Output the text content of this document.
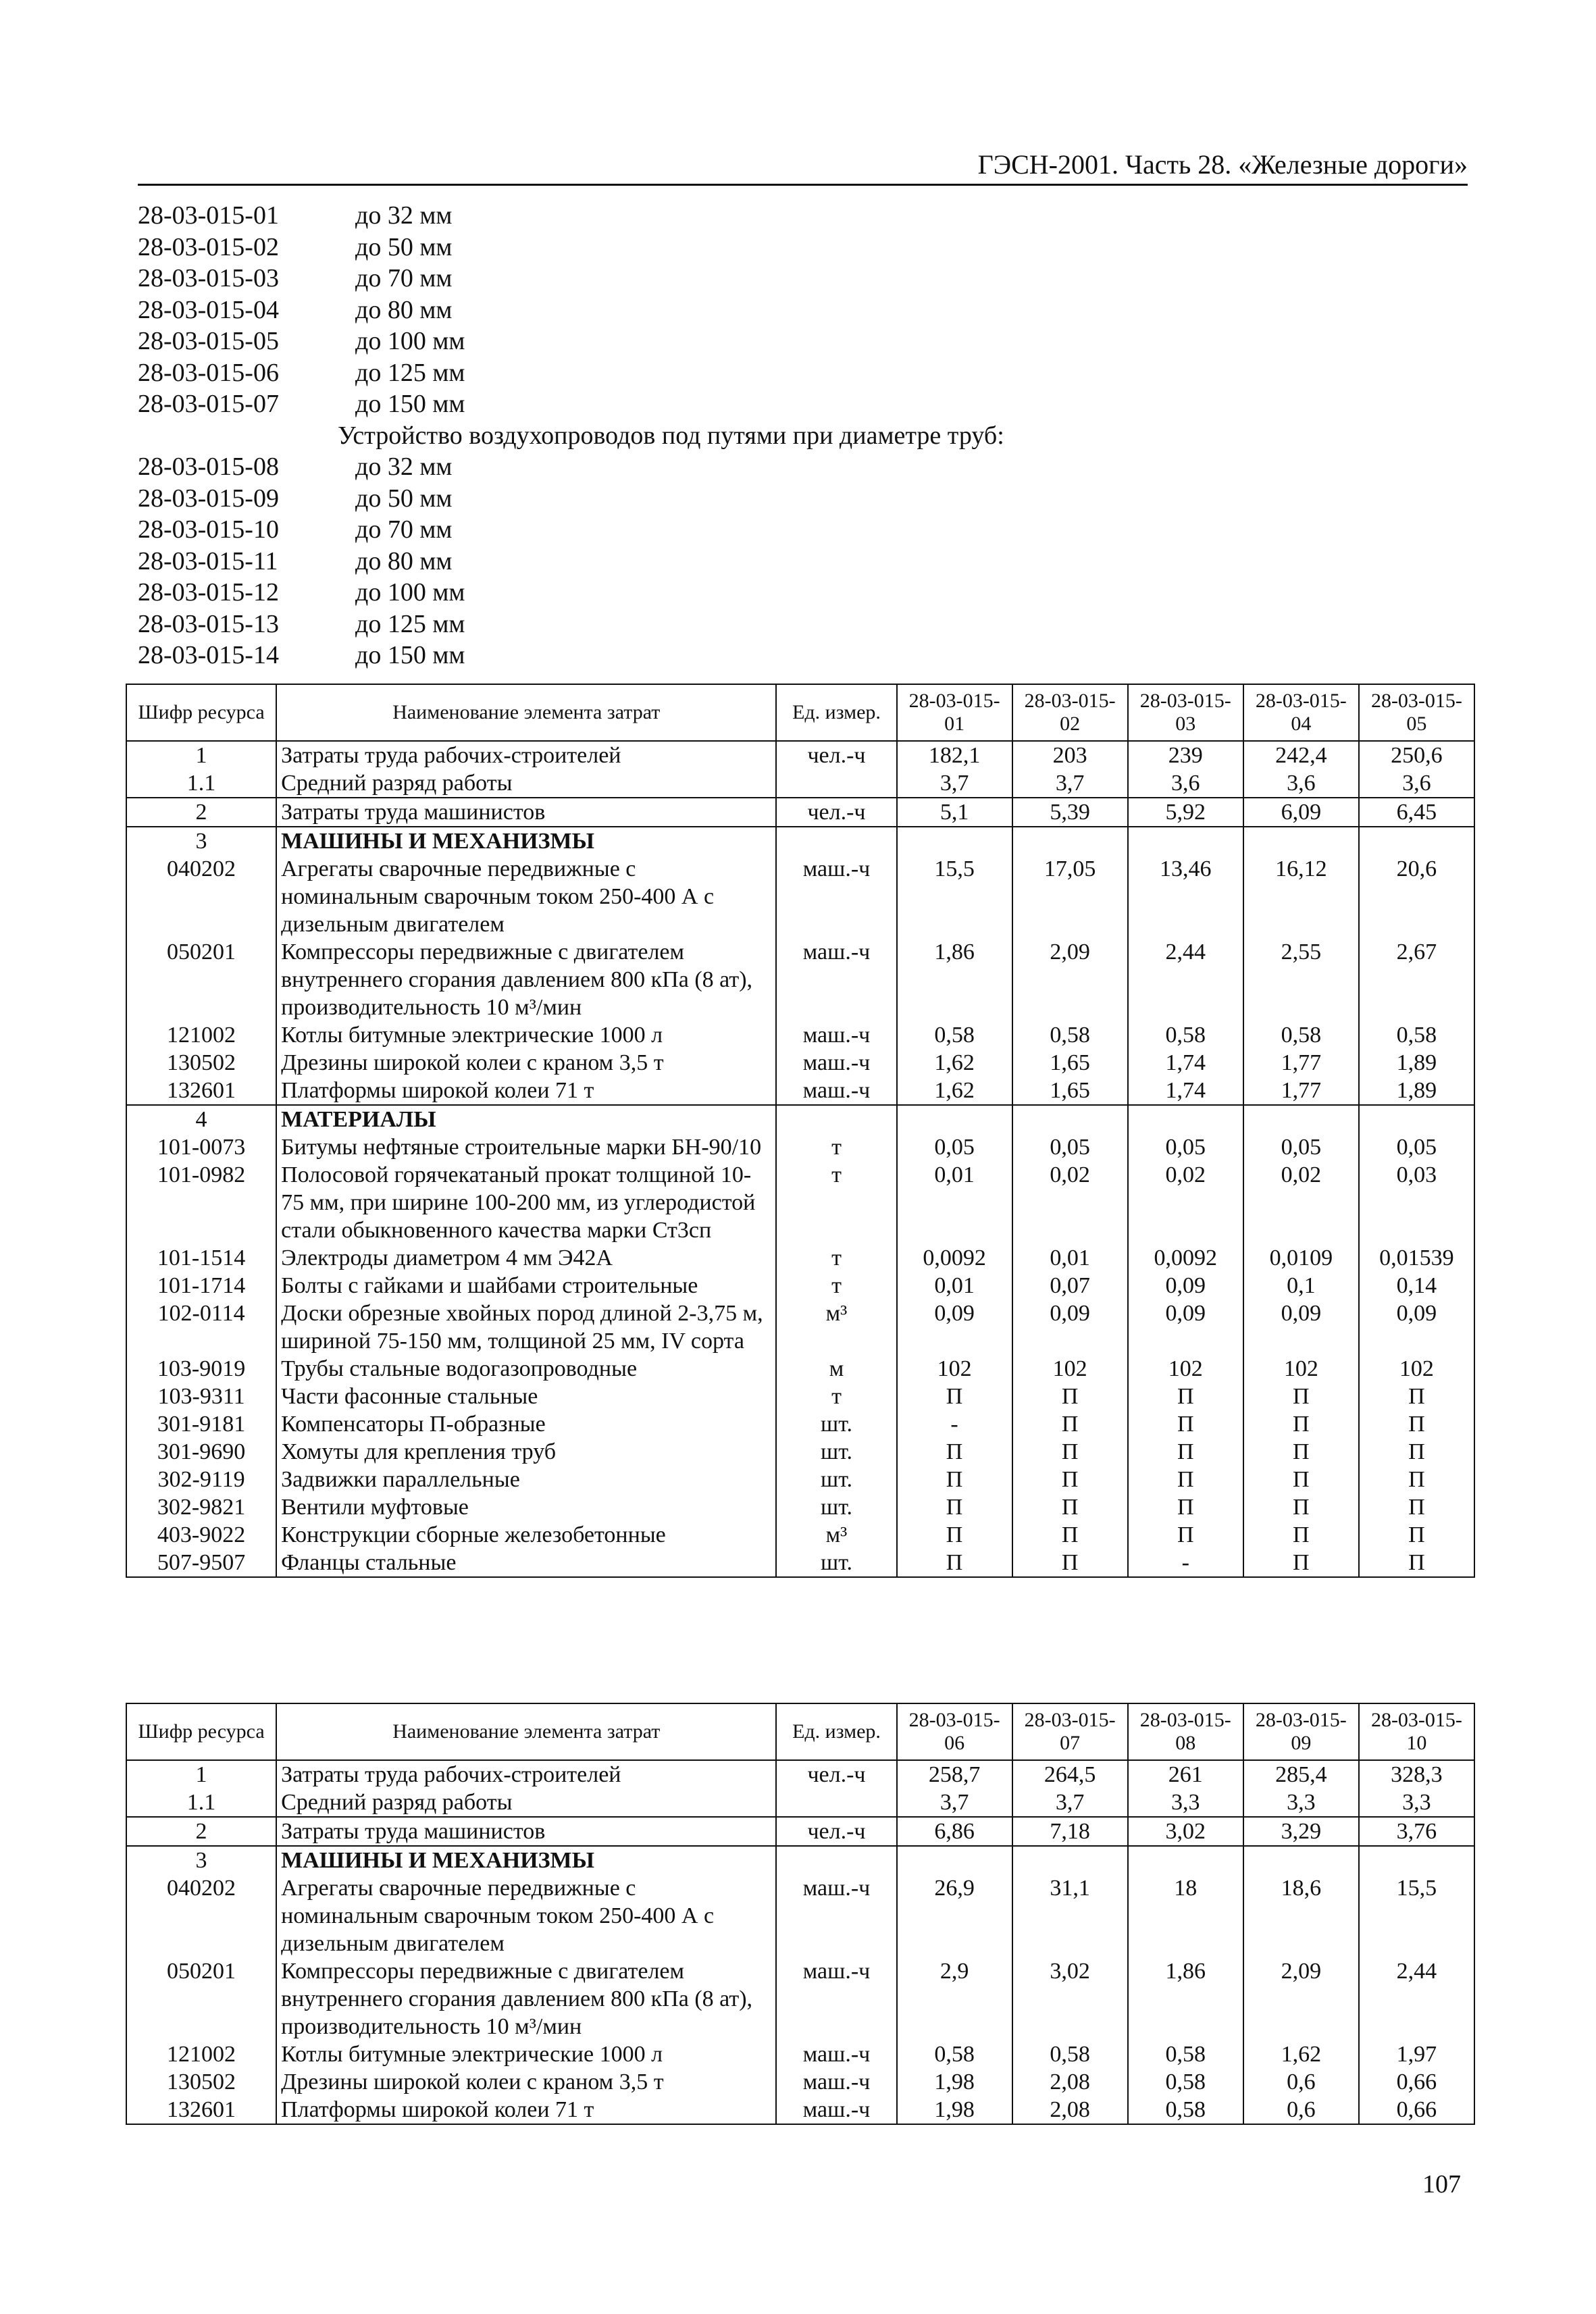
ГЭСН-2001. Часть 28. «Железные дороги»
28-03-015-01	до 32 мм
28-03-015-02	до 50 мм
28-03-015-03	до 70 мм
28-03-015-04	до 80 мм
28-03-015-05	до 100 мм
28-03-015-06	до 125 мм
28-03-015-07	до 150 мм
Устройство воздухопроводов под путями при диаметре труб:
28-03-015-08	до 32 мм
28-03-015-09	до 50 мм
28-03-015-10	до 70 мм
28-03-015-11	до 80 мм
28-03-015-12	до 100 мм
28-03-015-13	до 125 мм
28-03-015-14	до 150 мм
Шифр ресурса	Наименование элемента затрат	Ед. измер.	28-03-015-01	28-03-015-02	28-03-015-03	28-03-015-04	28-03-015-05
1	Затраты труда рабочих-строителей	чел.-ч	182,1	203	239	242,4	250,6
1.1	Средний разряд работы		3,7	3,7	3,6	3,6	3,6
2	Затраты труда машинистов	чел.-ч	5,1	5,39	5,92	6,09	6,45
3	МАШИНЫ И МЕХАНИЗМЫ						
040202	Агрегаты сварочные передвижные с номинальным сварочным током 250-400 А с дизельным двигателем	маш.-ч	15,5	17,05	13,46	16,12	20,6
050201	Компрессоры передвижные с двигателем внутреннего сгорания давлением 800 кПа (8 ат), производительность 10 м³/мин	маш.-ч	1,86	2,09	2,44	2,55	2,67
121002	Котлы битумные электрические 1000 л	маш.-ч	0,58	0,58	0,58	0,58	0,58
130502	Дрезины широкой колеи с краном 3,5 т	маш.-ч	1,62	1,65	1,74	1,77	1,89
132601	Платформы широкой колеи 71 т	маш.-ч	1,62	1,65	1,74	1,77	1,89
4	МАТЕРИАЛЫ						
101-0073	Битумы нефтяные строительные марки БН-90/10	т	0,05	0,05	0,05	0,05	0,05
101-0982	Полосовой горячекатаный прокат толщиной 10-75 мм, при ширине 100-200 мм, из углеродистой стали обыкновенного качества марки Ст3сп	т	0,01	0,02	0,02	0,02	0,03
101-1514	Электроды диаметром 4 мм Э42А	т	0,0092	0,01	0,0092	0,0109	0,01539
101-1714	Болты с гайками и шайбами строительные	т	0,01	0,07	0,09	0,1	0,14
102-0114	Доски обрезные хвойных пород длиной 2-3,75 м, шириной 75-150 мм, толщиной 25 мм, IV сорта	м³	0,09	0,09	0,09	0,09	0,09
103-9019	Трубы стальные водогазопроводные	м	102	102	102	102	102
103-9311	Части фасонные стальные	т	П	П	П	П	П
301-9181	Компенсаторы П-образные	шт.	-	П	П	П	П
301-9690	Хомуты для крепления труб	шт.	П	П	П	П	П
302-9119	Задвижки параллельные	шт.	П	П	П	П	П
302-9821	Вентили муфтовые	шт.	П	П	П	П	П
403-9022	Конструкции сборные железобетонные	м³	П	П	П	П	П
507-9507	Фланцы стальные	шт.	П	П	-	П	П
Шифр ресурса	Наименование элемента затрат	Ед. измер.	28-03-015-06	28-03-015-07	28-03-015-08	28-03-015-09	28-03-015-10
1	Затраты труда рабочих-строителей	чел.-ч	258,7	264,5	261	285,4	328,3
1.1	Средний разряд работы		3,7	3,7	3,3	3,3	3,3
2	Затраты труда машинистов	чел.-ч	6,86	7,18	3,02	3,29	3,76
3	МАШИНЫ И МЕХАНИЗМЫ						
040202	Агрегаты сварочные передвижные с номинальным сварочным током 250-400 А с дизельным двигателем	маш.-ч	26,9	31,1	18	18,6	15,5
050201	Компрессоры передвижные с двигателем внутреннего сгорания давлением 800 кПа (8 ат), производительность 10 м³/мин	маш.-ч	2,9	3,02	1,86	2,09	2,44
121002	Котлы битумные электрические 1000 л	маш.-ч	0,58	0,58	0,58	1,62	1,97
130502	Дрезины широкой колеи с краном 3,5 т	маш.-ч	1,98	2,08	0,58	0,6	0,66
132601	Платформы широкой колеи 71 т	маш.-ч	1,98	2,08	0,58	0,6	0,66
107
